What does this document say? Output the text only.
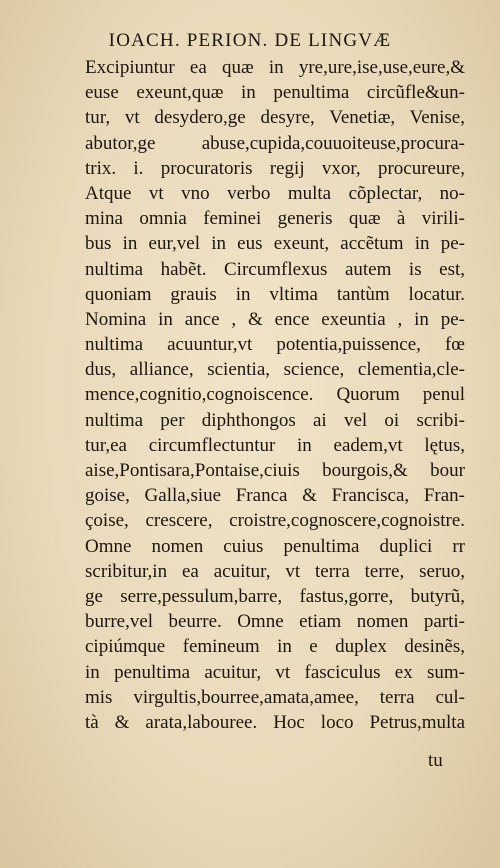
IOACH. PERION. DE LINGVÆ
Excipiuntur ea quæ in yre,ure,ise,use,eure,&
euse exeunt,quæ in penultima circũfle&un-
tur, vt desydero,ge desyre, Venetiæ, Venise,
abutor,ge abuse,cupida,couuoiteuse,procura-
trix. i. procuratoris regij vxor, procureure,
Atque vt vno verbo multa cõplectar, no-
mina omnia feminei generis quæ à virili-
bus in eur,vel in eus exeunt, accẽtum in pe-
nultima habẽt. Circumflexus autem is est,
quoniam grauis in vltima tantùm locatur.
Nomina in ance , & ence exeuntia , in pe-
nultima acuuntur,vt potentia,puissence, fœ
dus, alliance, scientia, science, clementia,cle-
mence,cognitio,cognoiscence. Quorum penul
nultima per diphthongos ai vel oi scribi-
tur,ea circumflectuntur in eadem,vt lętus,
aise,Pontisara,Pontaise,ciuis bourgois,& bour
goise, Galla,siue Franca & Francisca, Fran-
çoise, crescere, croistre,cognoscere,cognoistre.
Omne nomen cuius penultima duplici rr
scribitur,in ea acuitur, vt terra terre, seruo,
ge serre,pessulum,barre, fastus,gorre, butyrũ,
burre,vel beurre. Omne etiam nomen parti-
cipiúmque femineum in e duplex desinẽs,
in penultima acuitur, vt fasciculus ex sum-
mis virgultis,bourree,amata,amee, terra cul-
tà & arata,labouree. Hoc loco Petrus,multa
tu
